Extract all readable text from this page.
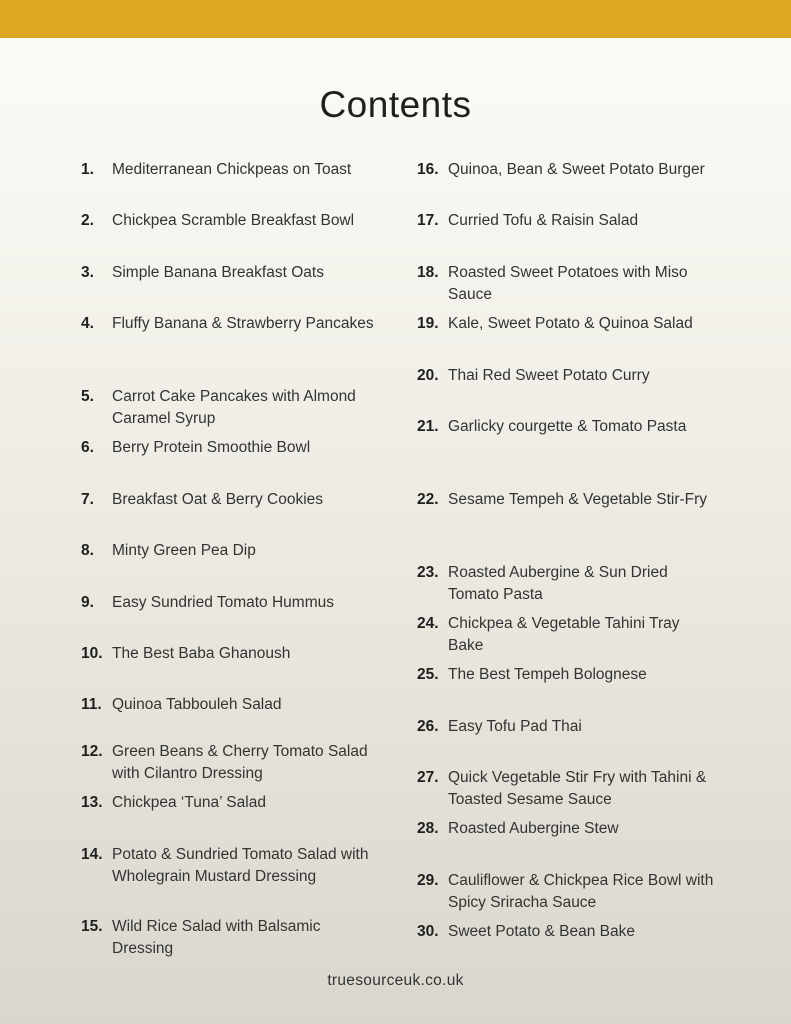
Contents
1.	Mediterranean Chickpeas on Toast
2.	Chickpea Scramble Breakfast Bowl
3.	Simple Banana Breakfast Oats
4.	Fluffy Banana & Strawberry Pancakes
5.	Carrot Cake Pancakes with Almond Caramel Syrup
6.	Berry Protein Smoothie Bowl
7.	Breakfast Oat & Berry Cookies
8.	Minty Green Pea Dip
9.	Easy Sundried Tomato Hummus
10. The Best Baba Ghanoush
11. Quinoa Tabbouleh Salad
12. Green Beans & Cherry Tomato Salad with Cilantro Dressing
13. Chickpea ‘Tuna’ Salad
14. Potato & Sundried Tomato Salad with Wholegrain Mustard Dressing
15. Wild Rice Salad with Balsamic Dressing
16. Quinoa, Bean & Sweet Potato Burger
17. Curried Tofu & Raisin Salad
18. Roasted Sweet Potatoes with Miso Sauce
19. Kale, Sweet Potato & Quinoa Salad
20. Thai Red Sweet Potato Curry
21. Garlicky courgette & Tomato Pasta
22. Sesame Tempeh & Vegetable Stir-Fry
23. Roasted Aubergine & Sun Dried Tomato Pasta
24. Chickpea & Vegetable Tahini Tray Bake
25. The Best Tempeh Bolognese
26. Easy Tofu Pad Thai
27. Quick Vegetable Stir Fry with Tahini & Toasted Sesame Sauce
28. Roasted Aubergine Stew
29. Cauliflower & Chickpea Rice Bowl with Spicy Sriracha Sauce
30. Sweet Potato & Bean Bake
truesourceuk.co.uk
